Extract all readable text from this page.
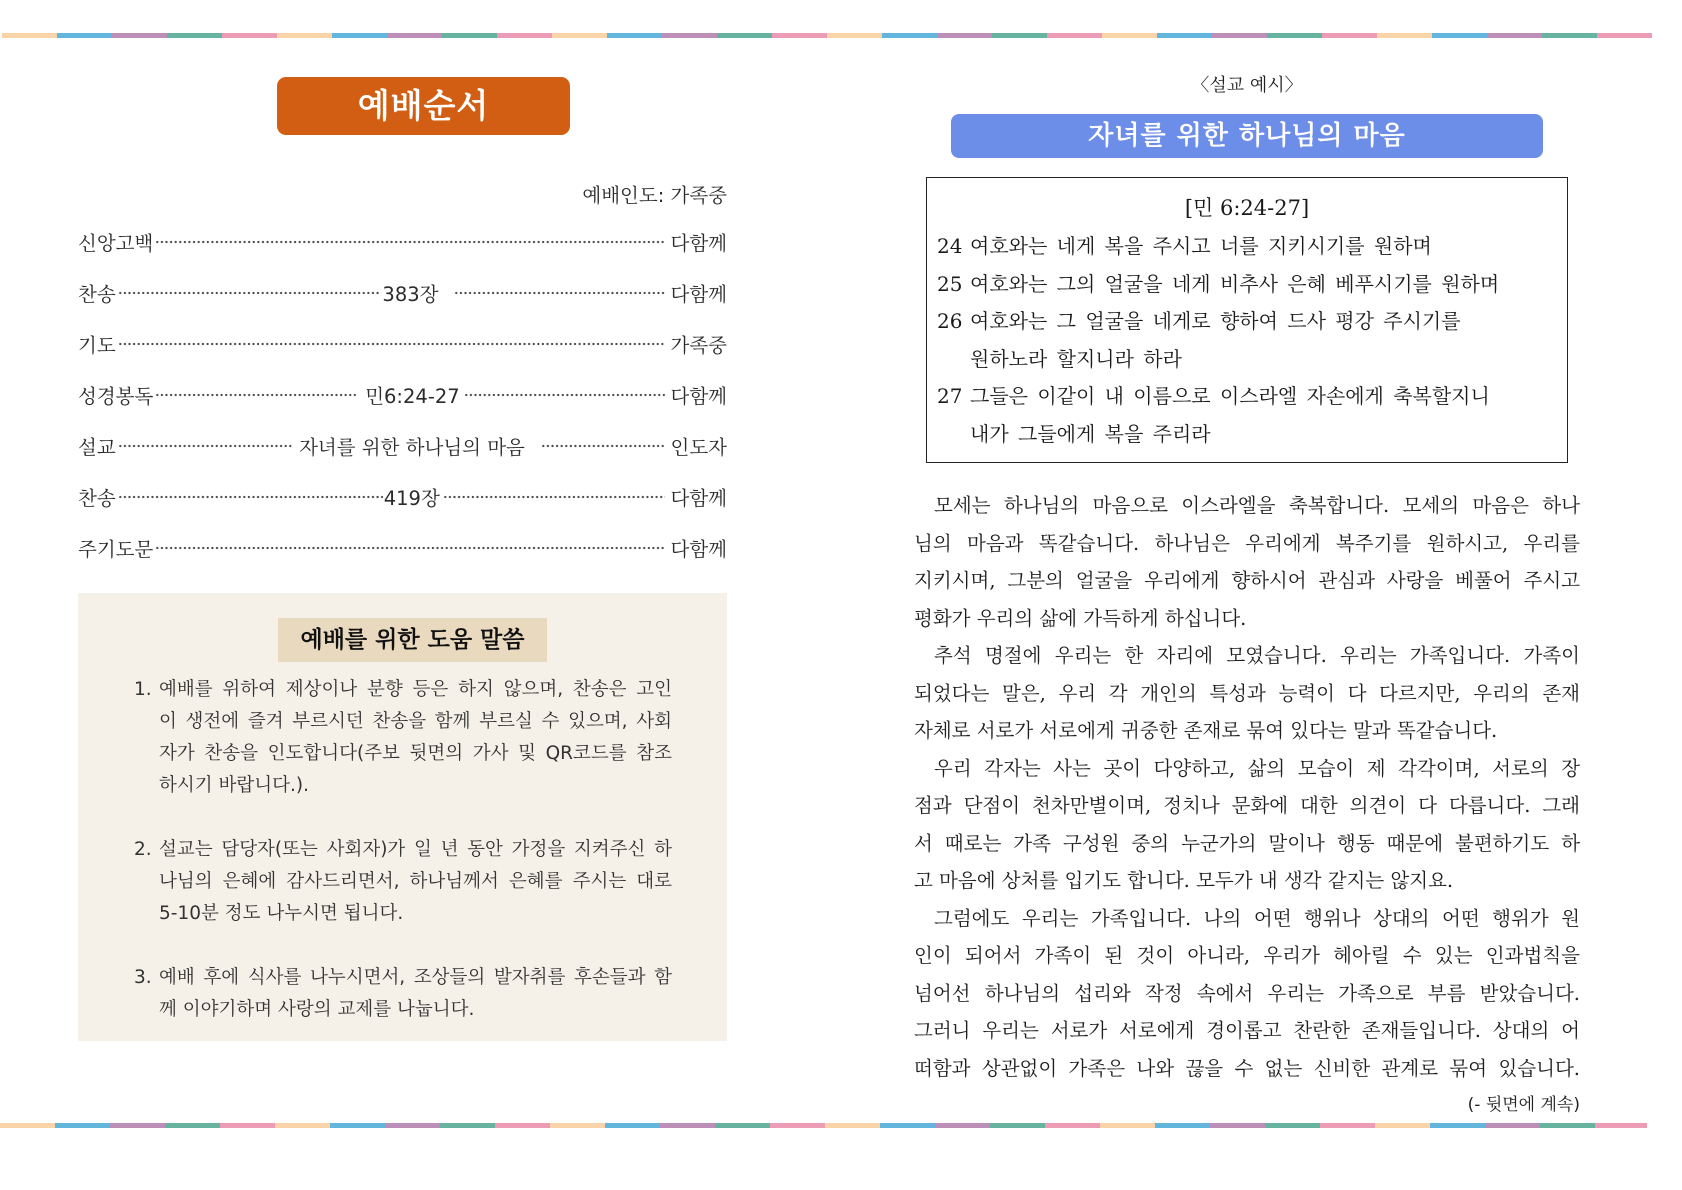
예배순서
예배인도: 가족중
신앙고백	다함께
찬송	383장	다함께
기도	가족중
성경봉독	민6:24-27	다함께
설교	자녀를 위한 하나님의 마음	인도자
찬송	419장	다함께
주기도문	다함께
예배를 위한 도움 말씀
1. 예배를 위하여 제상이나 분향 등은 하지 않으며, 찬송은 고인
이 생전에 즐겨 부르시던 찬송을 함께 부르실 수 있으며, 사회
자가 찬송을 인도합니다(주보 뒷면의 가사 및 QR코드를 참조
하시기 바랍니다.).
2. 설교는 담당자(또는 사회자)가 일 년 동안 가정을 지켜주신 하
나님의 은혜에 감사드리면서, 하나님께서 은혜를 주시는 대로
5-10분 정도 나누시면 됩니다.
3. 예배 후에 식사를 나누시면서, 조상들의 발자취를 후손들과 함
께 이야기하며 사랑의 교제를 나눕니다.
〈설교 예시〉
자녀를 위한 하나님의 마음
[민 6:24-27]
24 여호와는 네게 복을 주시고 너를 지키시기를 원하며
25 여호와는 그의 얼굴을 네게 비추사 은혜 베푸시기를 원하며
26 여호와는 그 얼굴을 네게로 향하여 드사 평강 주시기를
원하노라 할지니라 하라
27 그들은 이같이 내 이름으로 이스라엘 자손에게 축복할지니
내가 그들에게 복을 주리라
모세는 하나님의 마음으로 이스라엘을 축복합니다. 모세의 마음은 하나
님의 마음과 똑같습니다. 하나님은 우리에게 복주기를 원하시고, 우리를
지키시며, 그분의 얼굴을 우리에게 향하시어 관심과 사랑을 베풀어 주시고
평화가 우리의 삶에 가득하게 하십니다.
추석 명절에 우리는 한 자리에 모였습니다. 우리는 가족입니다. 가족이
되었다는 말은, 우리 각 개인의 특성과 능력이 다 다르지만, 우리의 존재
자체로 서로가 서로에게 귀중한 존재로 묶여 있다는 말과 똑같습니다.
우리 각자는 사는 곳이 다양하고, 삶의 모습이 제 각각이며, 서로의 장
점과 단점이 천차만별이며, 정치나 문화에 대한 의견이 다 다릅니다. 그래
서 때로는 가족 구성원 중의 누군가의 말이나 행동 때문에 불편하기도 하
고 마음에 상처를 입기도 합니다. 모두가 내 생각 같지는 않지요.
그럼에도 우리는 가족입니다. 나의 어떤 행위나 상대의 어떤 행위가 원
인이 되어서 가족이 된 것이 아니라, 우리가 헤아릴 수 있는 인과법칙을
넘어선 하나님의 섭리와 작정 속에서 우리는 가족으로 부름 받았습니다.
그러니 우리는 서로가 서로에게 경이롭고 찬란한 존재들입니다. 상대의 어
떠함과 상관없이 가족은 나와 끊을 수 없는 신비한 관계로 묶여 있습니다.
(- 뒷면에 계속)
